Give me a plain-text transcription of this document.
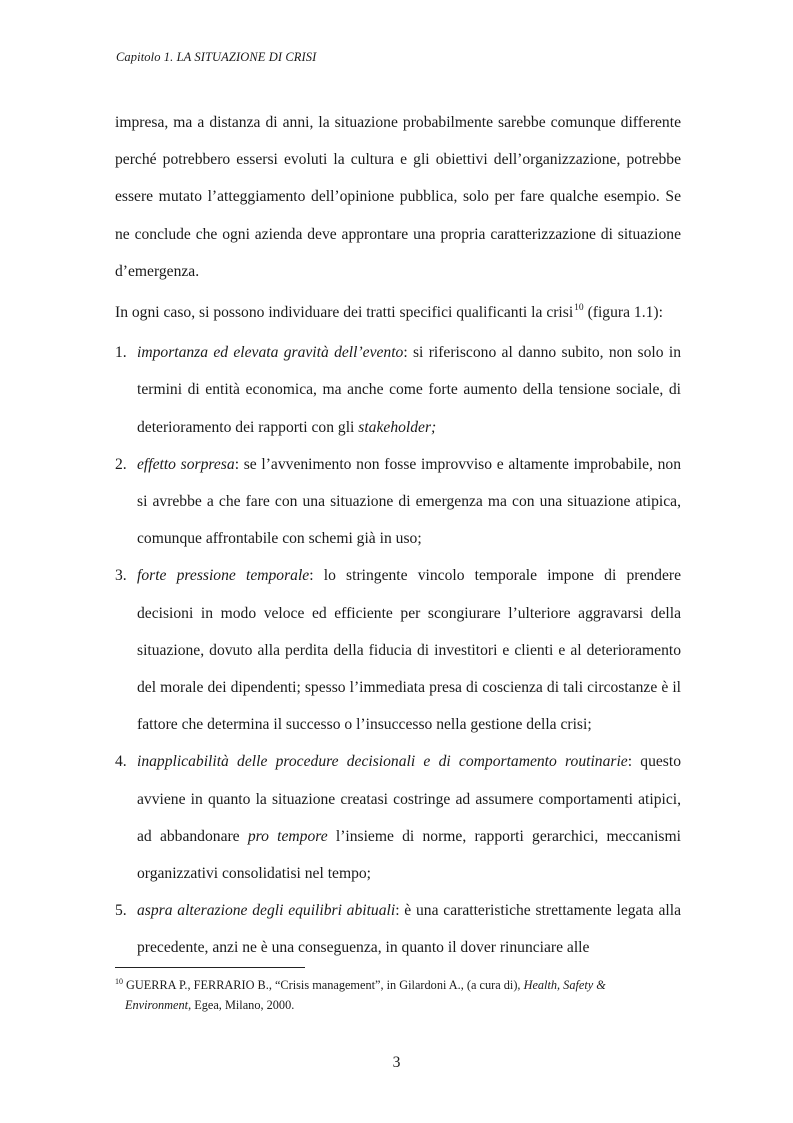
Capitolo 1. LA SITUAZIONE DI CRISI

impresa, ma a distanza di anni, la situazione probabilmente sarebbe comunque differente perché potrebbero essersi evoluti la cultura e gli obiettivi dell’organizzazione, potrebbe essere mutato l’atteggiamento dell’opinione pubblica, solo per fare qualche esempio. Se ne conclude che ogni azienda deve approntare una propria caratterizzazione di situazione d’emergenza.

In ogni caso, si possono individuare dei tratti specifici qualificanti la crisi$^{10}$ (figura 1.1):

1. importanza ed elevata gravità dell’evento: si riferiscono al danno subito, non solo in termini di entità economica, ma anche come forte aumento della tensione sociale, di deterioramento dei rapporti con gli stakeholder;

2. effetto sorpresa: se l’avvenimento non fosse improvviso e altamente improbabile, non si avrebbe a che fare con una situazione di emergenza ma con una situazione atipica, comunque affrontabile con schemi già in uso;

3. forte pressione temporale: lo stringente vincolo temporale impone di prendere decisioni in modo veloce ed efficiente per scongiurare l’ulteriore aggravarsi della situazione, dovuto alla perdita della fiducia di investitori e clienti e al deterioramento del morale dei dipendenti; spesso l’immediata presa di coscienza di tali circostanze è il fattore che determina il successo o l’insuccesso nella gestione della crisi;

4. inapplicabilità delle procedure decisionali e di comportamento routinarie: questo avviene in quanto la situazione creatasi costringe ad assumere comportamenti atipici, ad abbandonare pro tempore l’insieme di norme, rapporti gerarchici, meccanismi organizzativi consolidatisi nel tempo;

5. aspra alterazione degli equilibri abituali: è una caratteristiche strettamente legata alla precedente, anzi ne è una conseguenza, in quanto il dover rinunciare alle

$^{10}$ GUERRA P., FERRARIO B., “Crisis management”, in Gilardoni A., (a cura di), Health, Safety &
Environment, Egea, Milano, 2000.
3
